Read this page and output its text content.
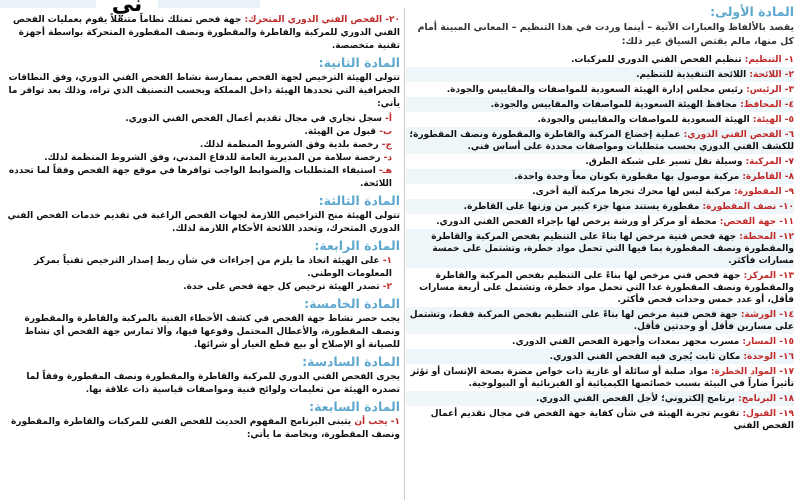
ني	المادة الأولى:
يقصد بالألفاظ والعبارات الآتية – أينما وردت في هذا التنظيم – المعاني المبينة أمام كل منها، مالم يقتض السياق غير ذلك:

١- التنظيم: تنظيم الفحص الفني الدوري للمركبات.

٢- اللائحة: اللائحة التنفيذية للتنظيم.

٣- الرئيس: رئيس مجلس إدارة الهيئة السعودية للمواصفات والمقاييس والجودة.

٤- المحافظ: محافظ الهيئة السعودية للمواصفات والمقاييس والجودة.

٥- الهيئة: الهيئة السعودية للمواصفات والمقاييس والجودة.

٦- الفحص الفني الدوري: عملية إخضاع المركبة والقاطرة والمقطورة ونصف المقطورة؛ للكشف الفني الدوري بحسب متطلبات ومواصفات محددة على أساس فني.

٧- المركبة: وسيلة نقل تسير على شبكة الطرق.

٨- القاطرة: مركبة موصول بها مقطورة بكونان معاً وحدة واحدة.

٩- المقطورة: مركبة ليس لها محرك تجرها مركبة آلية أخرى.

١٠- نصف المقطورة: مقطورة يستند منها جزء كبير من وزنها على القاطرة.

١١- جهة الفحص: محطة أو مركز أو ورشة يرخص لها بإجراء الفحص الفني الدوري.

١٢- المحطة: جهة فحص فنية مرخص لها بناءً على التنظيم بفحص المركبة والقاطرة والمقطورة ونصف المقطورة بما فيها التي تحمل مواد خطرة، وتشتمل على خمسة مسارات فأكثر.

١٣- المركز: جهة فحص فني مرخص لها بناءً على التنظيم بفحص المركبة والقاطرة والمقطورة ونصف المقطورة عدا التي تحمل مواد خطرة، وتشتمل على أربعة مسارات فأقل، أو عدد خمس وحدات فحص فأكثر.

١٤- الورشة: جهة فحص فنية مرخص لها بناءً على التنظيم بفحص المركبة فقط، وتشتمل على مسارين فأقل أو وحدتين فأقل.

١٥- المسار: مسرب مجهز بمعدات وأجهزة الفحص الفني الدوري.

١٦- الوحدة: مكان ثابت يُجرى فيه الفحص الفني الدوري.

١٧- المواد الخطرة: مواد صلبة أو سائلة أو غازية ذات خواص مضرة بصحة الإنسان أو تؤثر تأثيراً ضاراً في البيئة بسبب خصائصها الكيميائية أو الفيزيائية أو البيولوجية.

١٨- البرنامج: برنامج إلكتروني؛ لأجل الفحص الفني الدوري.

١٩- القبول: تقويم تجربة الهيئة في شأن كفاية جهة الفحص في مجال تقديم أعمال الفحص الفني

٢٠- الفحص الفني الدوري المتحرك: جهة فحص تمتلك نظاماً متنقلاً يقوم بعمليات الفحص الفني الدوري للمركبة والقاطرة والمقطورة ونصف المقطورة المتحركة بواسطة أجهزة تقنية متخصصة.

المادة الثانية:

تتولى الهيئة الترخيص لجهة الفحص بممارسة نشاط الفحص الفني الدوري، وفق النطاقات الجغرافية التي تحددها الهيئة داخل المملكة وبحسب التصنيف الذي تراه، وذلك بعد توافر ما يأتي:

أ- سجل تجاري في مجال تقديم أعمال الفحص الفني الدوري.

ب- قبول من الهيئة.

ج- رخصة بلدية وفق الشروط المنظمة لذلك.

د- رخصة سلامة من المديرية العامة للدفاع المدني، وفق الشروط المنظمة لذلك.

هـ- استيفاء المتطلبات والضوابط الواجب توافرها في موقع جهة الفحص وفقاً لما تحدده اللائحة.

المادة الثالثة:

تتولى الهيئة منح التراخيص اللازمة لجهات الفحص الراغبة في تقديم خدمات الفحص الفني الدوري المتحرك، وتحدد اللائحة الأحكام اللازمة لذلك.

المادة الرابعة:

١- على الهيئة اتخاذ ما يلزم من إجراءات في شأن ربط إصدار الترخيص تقنياً بمركز المعلومات الوطني.

٢- تصدر الهيئة ترخيص كل جهة فحص على حدة.

المادة الخامسة:

يجب حصر نشاط جهة الفحص في كشف الأخطاء الفنية بالمركبة والقاطرة والمقطورة ونصف المقطورة، والأعطال المحتمل وقوعها فيها، وألا تمارس جهة الفحص أي نشاط للصيانة أو الإصلاح أو بيع قطع الغيار أو شرائها.

المادة السادسة:

يجرى الفحص الفني الدوري للمركبة والقاطرة والمقطورة ونصف المقطورة وفقاً لما تصدره الهيئة من تعليمات ولوائح فنية ومواصفات قياسية ذات علاقة بها.

المادة السابعة:

١- يجب أن يتبنى البرنامج المفهوم الحديث للفحص الفني للمركبات والقاطرة والمقطورة ونصف المقطورة، وبخاصة ما يأتي:
